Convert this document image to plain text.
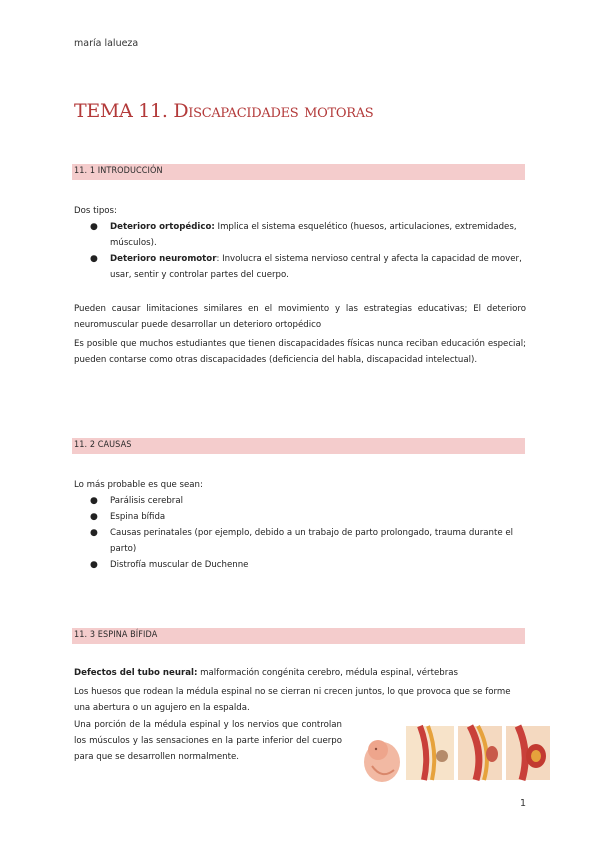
maría lalueza
TEMA 11. Discapacidades motoras
11. 1 INTRODUCCIÓN
Dos tipos:
● Deterioro ortopédico: Implica el sistema esquelético (huesos, articulaciones, extremidades, músculos).
● Deterioro neuromotor: Involucra el sistema nervioso central y afecta la capacidad de mover, usar, sentir y controlar partes del cuerpo.
Pueden causar limitaciones similares en el movimiento y las estrategias educativas; El deterioro neuromuscular puede desarrollar un deterioro ortopédico
Es posible que muchos estudiantes que tienen discapacidades físicas nunca reciban educación especial; pueden contarse como otras discapacidades (deficiencia del habla, discapacidad intelectual).
11. 2 CAUSAS
Lo más probable es que sean:
● Parálisis cerebral
● Espina bífida
● Causas perinatales (por ejemplo, debido a un trabajo de parto prolongado, trauma durante el parto)
● Distrofía muscular de Duchenne
11. 3 ESPINA BÍFIDA
Defectos del tubo neural: malformación congénita cerebro, médula espinal, vértebras
Los huesos que rodean la médula espinal no se cierran ni crecen juntos, lo que provoca que se forme una abertura o un agujero en la espalda.
Una porción de la médula espinal y los nervios que controlan los músculos y las sensaciones en la parte inferior del cuerpo para que se desarrollen normalmente.
1
